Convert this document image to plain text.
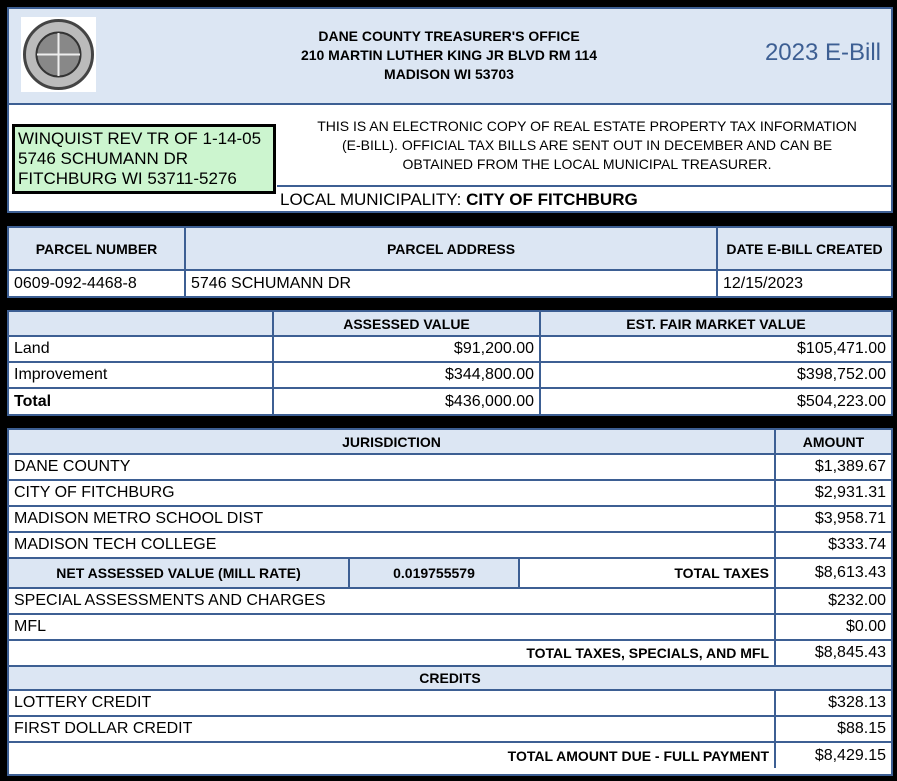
DANE COUNTY TREASURER'S OFFICE
210 MARTIN LUTHER KING JR BLVD RM 114
MADISON WI 53703
2023 E-Bill
WINQUIST REV TR OF 1-14-05
5746 SCHUMANN DR
FITCHBURG WI 53711-5276
THIS IS AN ELECTRONIC COPY OF REAL ESTATE PROPERTY TAX INFORMATION
(E-BILL). OFFICIAL TAX BILLS ARE SENT OUT IN DECEMBER AND CAN BE
OBTAINED FROM THE LOCAL MUNICIPAL TREASURER.
LOCAL MUNICIPALITY: CITY OF FITCHBURG
PARCEL NUMBER	PARCEL ADDRESS	DATE E-BILL CREATED
0609-092-4468-8	5746 SCHUMANN DR	12/15/2023
	ASSESSED VALUE	EST. FAIR MARKET VALUE
Land	$91,200.00	$105,471.00
Improvement	$344,800.00	$398,752.00
Total	$436,000.00	$504,223.00
JURISDICTION			AMOUNT
DANE COUNTY			$1,389.67
CITY OF FITCHBURG			$2,931.31
MADISON METRO SCHOOL DIST			$3,958.71
MADISON TECH COLLEGE			$333.74
NET ASSESSED VALUE (MILL RATE)	0.019755579	TOTAL TAXES	$8,613.43
SPECIAL ASSESSMENTS AND CHARGES			$232.00
MFL			$0.00
TOTAL TAXES, SPECIALS, AND MFL			$8,845.43
CREDITS			
LOTTERY CREDIT			$328.13
FIRST DOLLAR CREDIT			$88.15
TOTAL AMOUNT DUE - FULL PAYMENT			$8,429.15
